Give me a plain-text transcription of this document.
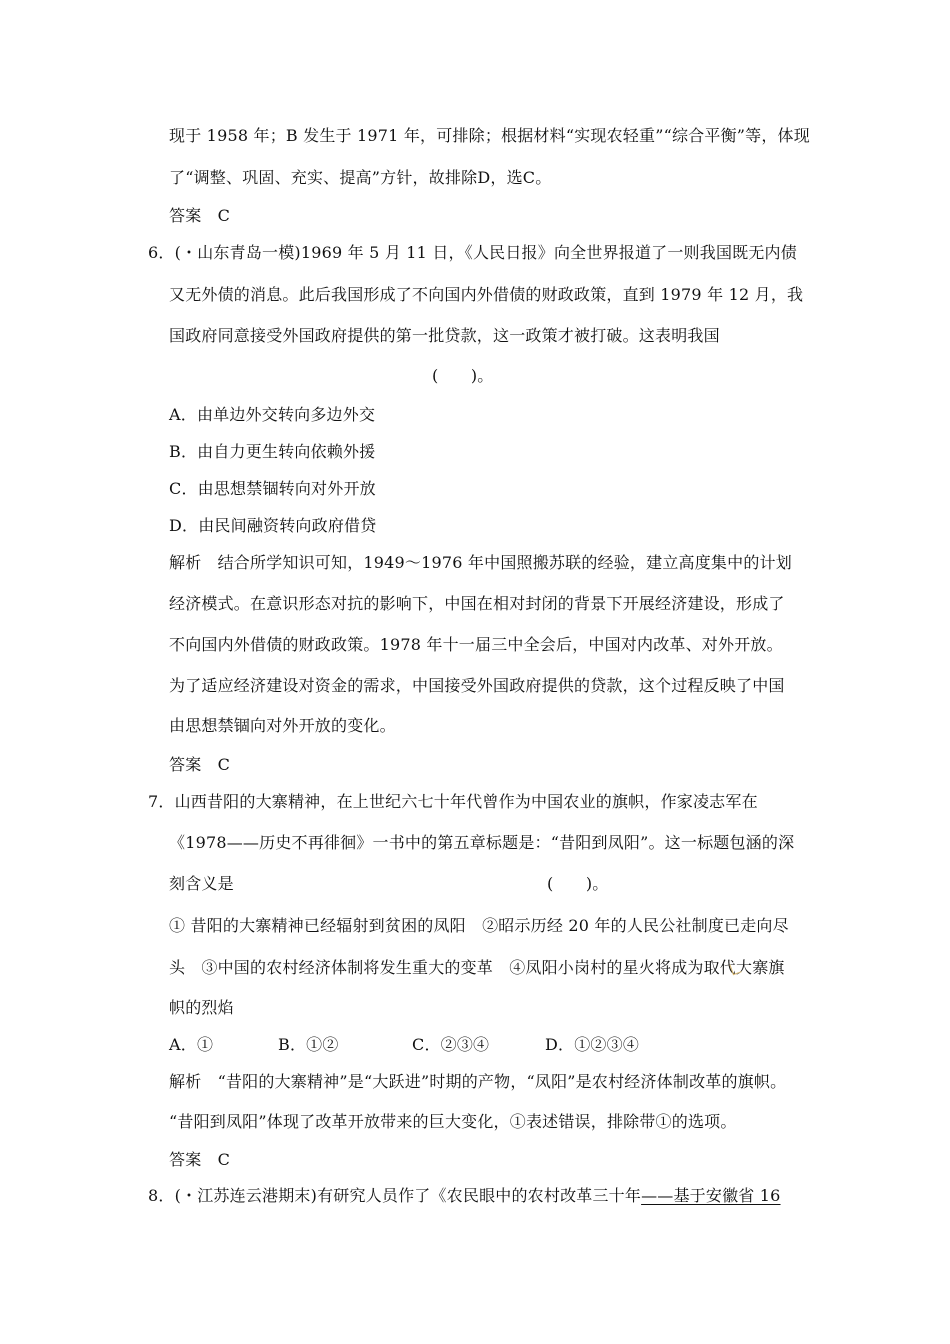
现于 1958 年；B 发生于 1971 年，可排除；根据材料“实现农轻重”“综合平衡”等，体现
了“调整、巩固、充实、提高”方针，故排除D，选C。
答案　C
6．(・山东青岛一模)1969 年 5 月 11 日，《人民日报》向全世界报道了一则我国既无内债
又无外债的消息。此后我国形成了不向国内外借债的财政政策，直到 1979 年 12 月，我
国政府同意接受外国政府提供的第一批贷款，这一政策才被打破。这表明我国
(　　)。
A．由单边外交转向多边外交
B．由自力更生转向依赖外援
C．由思想禁锢转向对外开放
D．由民间融资转向政府借贷
解析　结合所学知识可知，1949～1976 年中国照搬苏联的经验，建立高度集中的计划
经济模式。在意识形态对抗的影响下，中国在相对封闭的背景下开展经济建设，形成了
不向国内外借债的财政政策。1978 年十一届三中全会后，中国对内改革、对外开放。
为了适应经济建设对资金的需求，中国接受外国政府提供的贷款，这个过程反映了中国
由思想禁锢向对外开放的变化。
答案　C
7．山西昔阳的大寨精神，在上世纪六七十年代曾作为中国农业的旗帜，作家凌志军在
《1978——历史不再徘徊》一书中的第五章标题是：“昔阳到凤阳”。这一标题包涵的深
刻含义是	(　　)。
① 昔阳的大寨精神已经辐射到贫困的凤阳　②昭示历经 20 年的人民公社制度已走向尽
头　③中国的农村经济体制将发生重大的变革　④凤阳小岗村的星火将成为取代大寨旗
帜的烈焰
A．①	B．①②	C．②③④	D．①②③④
解析　“昔阳的大寨精神”是“大跃进”时期的产物，“凤阳”是农村经济体制改革的旗帜。
“昔阳到凤阳”体现了改革开放带来的巨大变化，①表述错误，排除带①的选项。
答案　C
8．(・江苏连云港期末)有研究人员作了《农民眼中的农村改革三十年——基于安徽省 16
